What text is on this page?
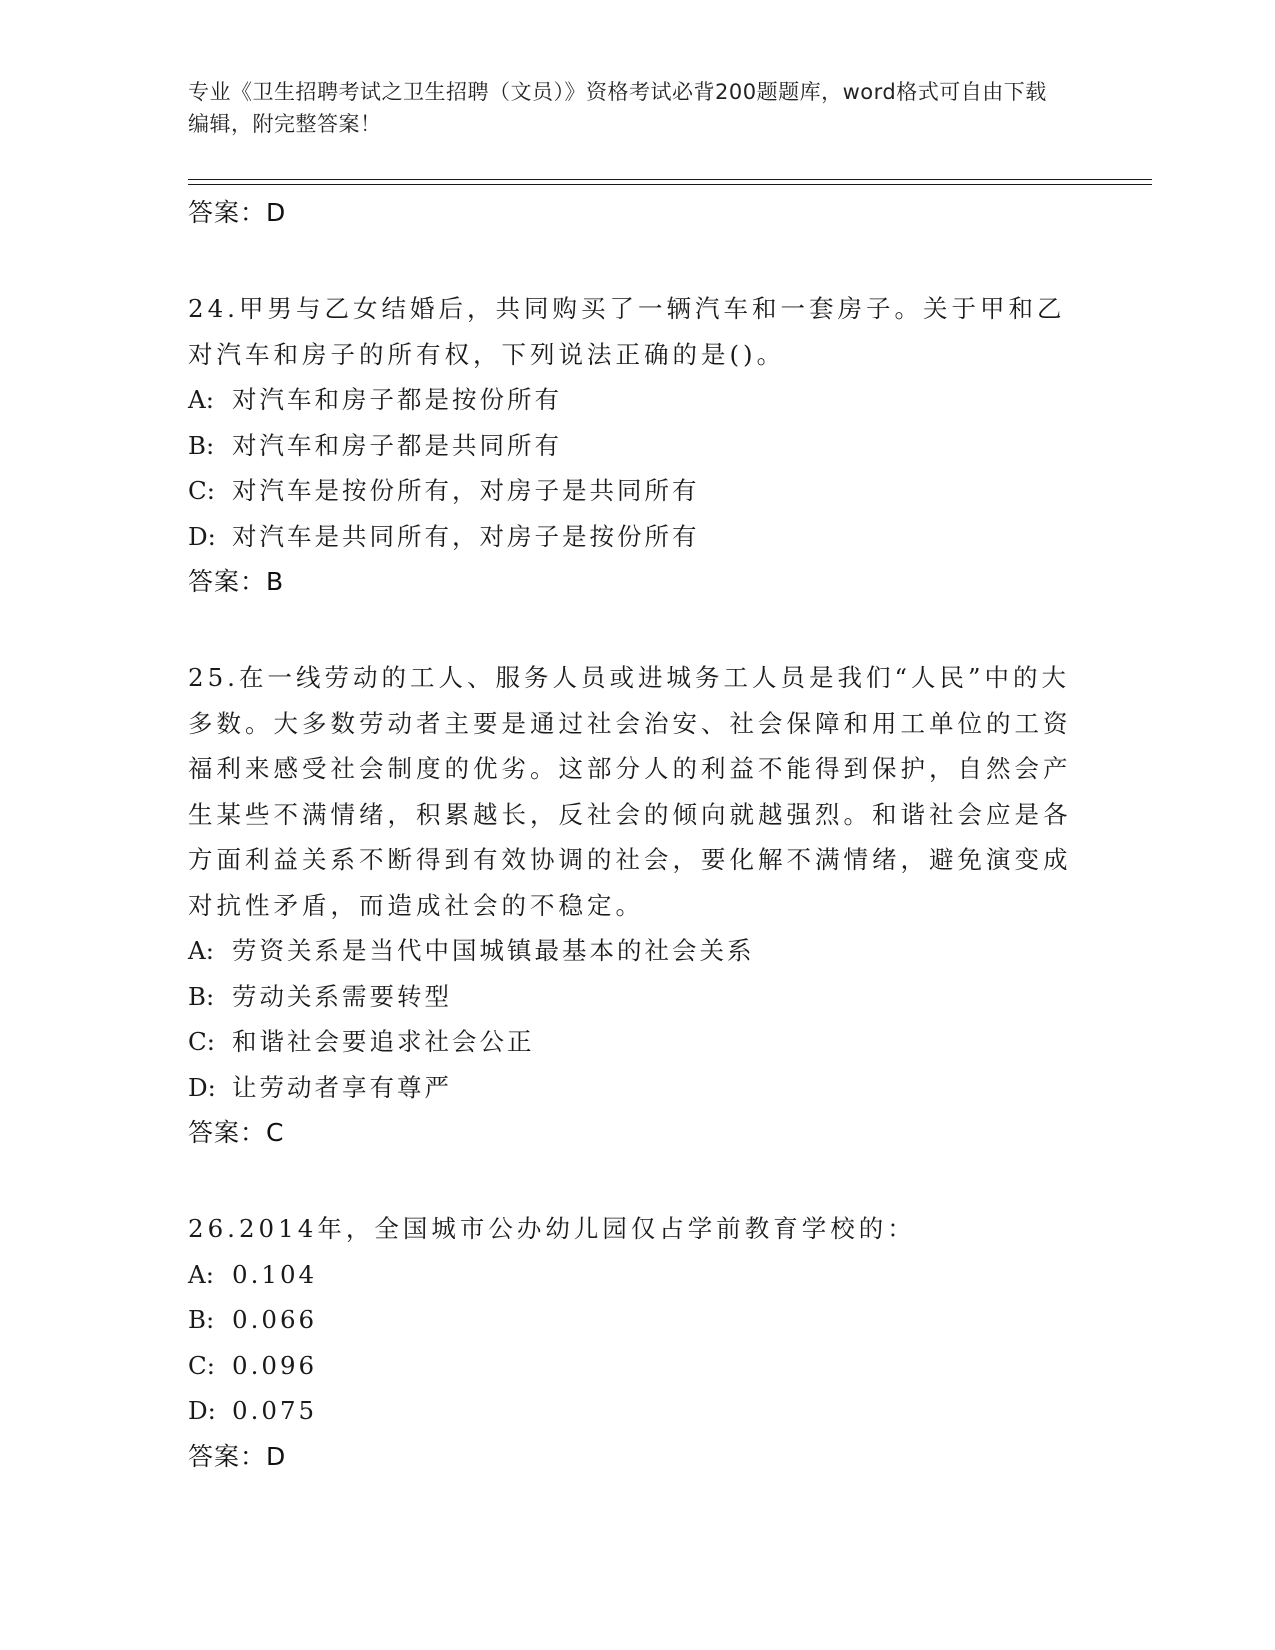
专业《卫生招聘考试之卫生招聘（文员）》资格考试必背200题题库，word格式可自由下载编辑，附完整答案！
答案：D

24.甲男与乙女结婚后，共同购买了一辆汽车和一套房子。关于甲和乙对汽车和房子的所有权，下列说法正确的是()。

A: 对汽车和房子都是按份所有
B: 对汽车和房子都是共同所有
C: 对汽车是按份所有，对房子是共同所有
D: 对汽车是共同所有，对房子是按份所有
答案：B

25.在一线劳动的工人、服务人员或进城务工人员是我们“人民”中的大多数。大多数劳动者主要是通过社会治安、社会保障和用工单位的工资福利来感受社会制度的优劣。这部分人的利益不能得到保护，自然会产生某些不满情绪，积累越长，反社会的倾向就越强烈。和谐社会应是各方面利益关系不断得到有效协调的社会，要化解不满情绪，避免演变成对抗性矛盾，而造成社会的不稳定。

A: 劳资关系是当代中国城镇最基本的社会关系
B: 劳动关系需要转型
C: 和谐社会要追求社会公正
D: 让劳动者享有尊严
答案：C

26.2014年，全国城市公办幼儿园仅占学前教育学校的：

A: 0.104
B: 0.066
C: 0.096
D: 0.075
答案：D
